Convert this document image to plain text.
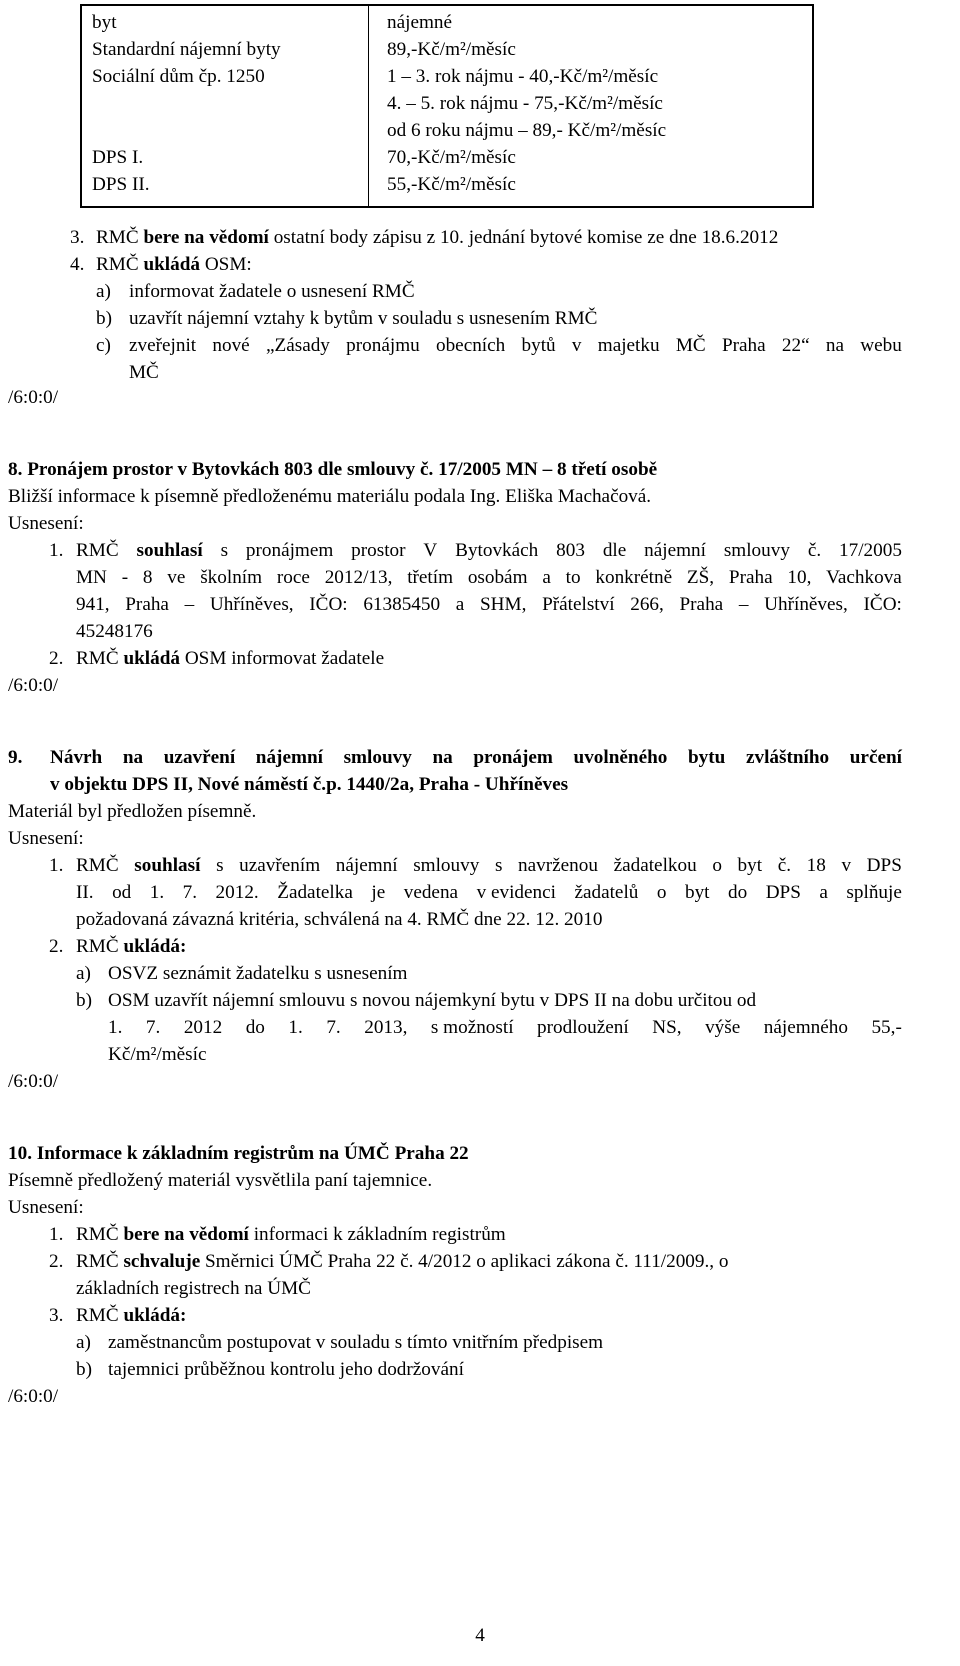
byt	nájemné
Standardní nájemní byty	89,-Kč/m²/měsíc
Sociální dům čp. 1250	1 – 3. rok nájmu - 40,-Kč/m²/měsíc
4. – 5. rok nájmu - 75,-Kč/m²/měsíc
od 6 roku nájmu – 89,- Kč/m²/měsíc
DPS I.	70,-Kč/m²/měsíc
DPS II.	55,-Kč/m²/měsíc
3. RMČ bere na vědomí ostatní body zápisu z 10. jednání bytové komise ze dne 18.6.2012
4. RMČ ukládá OSM:
a) informovat žadatele o usnesení RMČ
b) uzavřít nájemní vztahy k bytům v souladu s usnesením RMČ
c) zveřejnit nové „Zásady pronájmu obecních bytů v majetku MČ Praha 22“ na webu
MČ
/6:0:0/
8. Pronájem prostor v Bytovkách 803 dle smlouvy č. 17/2005 MN – 8 třetí osobě
Bližší informace k písemně předloženému materiálu podala Ing. Eliška Machačová.
Usnesení:
1. RMČ souhlasí s pronájmem prostor V Bytovkách 803 dle nájemní smlouvy č. 17/2005
MN - 8 ve školním roce 2012/13, třetím osobám a to konkrétně ZŠ, Praha 10, Vachkova
941, Praha – Uhříněves, IČO: 61385450 a SHM, Přátelství 266, Praha – Uhříněves, IČO:
45248176
2. RMČ ukládá OSM informovat žadatele
/6:0:0/
9. Návrh na uzavření nájemní smlouvy na pronájem uvolněného bytu zvláštního určení
v objektu DPS II, Nové náměstí č.p. 1440/2a, Praha - Uhříněves
Materiál byl předložen písemně.
Usnesení:
1. RMČ souhlasí s uzavřením nájemní smlouvy s navrženou žadatelkou o byt č. 18 v DPS
II. od 1. 7. 2012. Žadatelka je vedena v evidenci žadatelů o byt do DPS a splňuje
požadovaná závazná kritéria, schválená na 4. RMČ dne 22. 12. 2010
2. RMČ ukládá:
a) OSVZ seznámit žadatelku s usnesením
b) OSM uzavřít nájemní smlouvu s novou nájemkyní bytu v DPS II na dobu určitou od
1. 7. 2012 do 1. 7. 2013, s možností prodloužení NS, výše nájemného 55,-
Kč/m²/měsíc
/6:0:0/
10. Informace k základním registrům na ÚMČ Praha 22
Písemně předložený materiál vysvětlila paní tajemnice.
Usnesení:
1. RMČ bere na vědomí informaci k základním registrům
2. RMČ schvaluje Směrnici ÚMČ Praha 22 č. 4/2012 o aplikaci zákona č. 111/2009., o
základních registrech na ÚMČ
3. RMČ ukládá:
a) zaměstnancům postupovat v souladu s tímto vnitřním předpisem
b) tajemnici průběžnou kontrolu jeho dodržování
/6:0:0/
4
